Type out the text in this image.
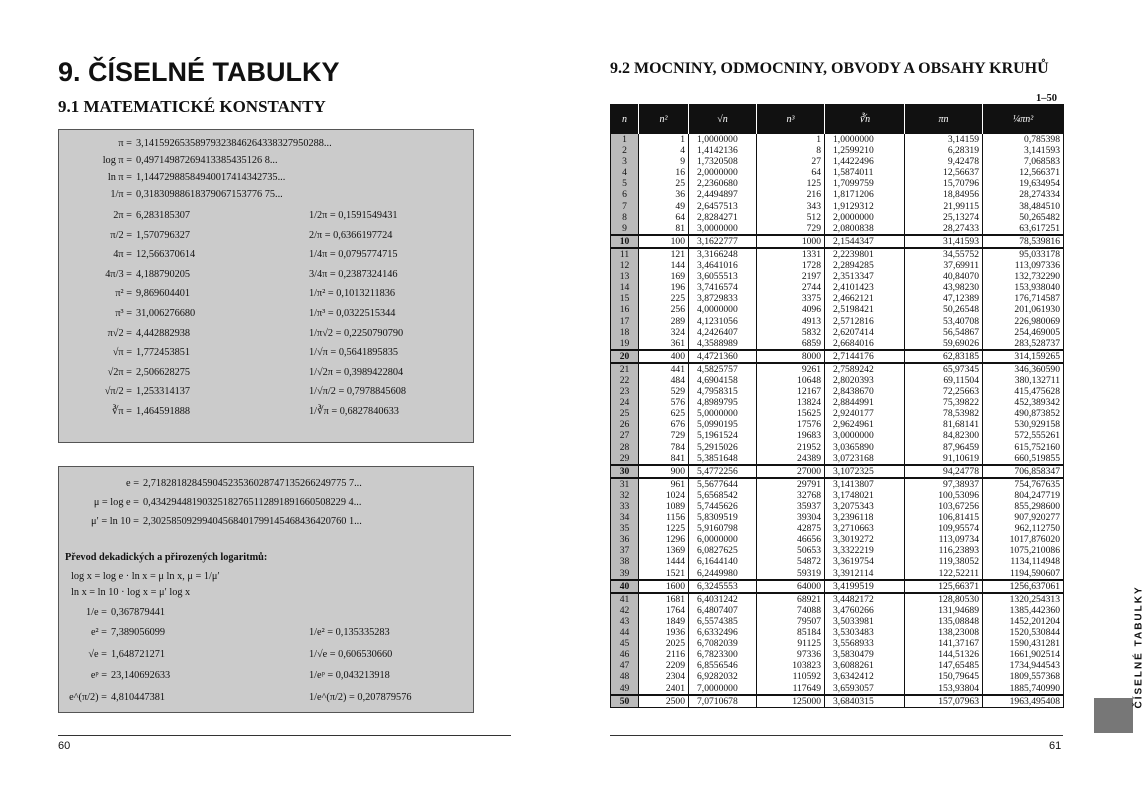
9. ČÍSELNÉ TABULKY
9.1 MATEMATICKÉ KONSTANTY
π = 3,14159265358979323846264338327950288...
log π = 0,49714987269413385435126 8...
ln π = 1,14472988584940017414342735...
1/π = 0,31830988618379067153776 75...
2π = 6,283185307	1/2π = 0,1591549431
π/2 = 1,570796327	2/π = 0,6366197724
4π = 12,566370614	1/4π = 0,0795774715
4π/3 = 4,188790205	3/4π = 0,2387324146
π² = 9,869604401	1/π² = 0,1013211836
π³ = 31,006276680	1/π³ = 0,0322515344
π√2 = 4,442882938	1/π√2 = 0,2250790790
√π = 1,772453851	1/√π = 0,5641895835
√2π = 2,506628275	1/√2π = 0,3989422804
√π/2 = 1,253314137	1/√π/2 = 0,7978845608
∛π = 1,464591888	1/∛π = 0,6827840633
e = 2,71828182845904523536028747135266249775 7...
μ = log e = 0,43429448190325182765112891891660508229 4...
μ′ = ln 10 = 2,30258509299404568401799145468436420760 1...
Převod dekadických a přirozených logaritmů:
log x = log e · ln x = μ ln x, μ = 1/μ′
ln x = ln 10 · log x = μ′ log x
1/e = 0,367879441
e² = 7,389056099	1/e² = 0,135335283
√e = 1,648721271	1/√e = 0,606530660
eᵖ = 23,140692633	1/eᵖ = 0,043213918
e^(π/2) = 4,810447381	1/e^(π/2) = 0,207879576
60
9.2 MOCNINY, ODMOCNINY, OBVODY A OBSAHY KRUHŮ
1–50
n	n²	√n	n³	∛n	πn	¼πn²
1	1	1,0000000	1	1,0000000	3,14159	0,785398
2	4	1,4142136	8	1,2599210	6,28319	3,141593
3	9	1,7320508	27	1,4422496	9,42478	7,068583
4	16	2,0000000	64	1,5874011	12,56637	12,566371
5	25	2,2360680	125	1,7099759	15,70796	19,634954
6	36	2,4494897	216	1,8171206	18,84956	28,274334
7	49	2,6457513	343	1,9129312	21,99115	38,484510
8	64	2,8284271	512	2,0000000	25,13274	50,265482
9	81	3,0000000	729	2,0800838	28,27433	63,617251
10	100	3,1622777	1000	2,1544347	31,41593	78,539816
11	121	3,3166248	1331	2,2239801	34,55752	95,033178
12	144	3,4641016	1728	2,2894285	37,69911	113,097336
13	169	3,6055513	2197	2,3513347	40,84070	132,732290
14	196	3,7416574	2744	2,4101423	43,98230	153,938040
15	225	3,8729833	3375	2,4662121	47,12389	176,714587
16	256	4,0000000	4096	2,5198421	50,26548	201,061930
17	289	4,1231056	4913	2,5712816	53,40708	226,980069
18	324	4,2426407	5832	2,6207414	56,54867	254,469005
19	361	4,3588989	6859	2,6684016	59,69026	283,528737
20	400	4,4721360	8000	2,7144176	62,83185	314,159265
21	441	4,5825757	9261	2,7589242	65,97345	346,360590
22	484	4,6904158	10648	2,8020393	69,11504	380,132711
23	529	4,7958315	12167	2,8438670	72,25663	415,475628
24	576	4,8989795	13824	2,8844991	75,39822	452,389342
25	625	5,0000000	15625	2,9240177	78,53982	490,873852
26	676	5,0990195	17576	2,9624961	81,68141	530,929158
27	729	5,1961524	19683	3,0000000	84,82300	572,555261
28	784	5,2915026	21952	3,0365890	87,96459	615,752160
29	841	5,3851648	24389	3,0723168	91,10619	660,519855
30	900	5,4772256	27000	3,1072325	94,24778	706,858347
31	961	5,5677644	29791	3,1413807	97,38937	754,767635
32	1024	5,6568542	32768	3,1748021	100,53096	804,247719
33	1089	5,7445626	35937	3,2075343	103,67256	855,298600
34	1156	5,8309519	39304	3,2396118	106,81415	907,920277
35	1225	5,9160798	42875	3,2710663	109,95574	962,112750
36	1296	6,0000000	46656	3,3019272	113,09734	1017,876020
37	1369	6,0827625	50653	3,3322219	116,23893	1075,210086
38	1444	6,1644140	54872	3,3619754	119,38052	1134,114948
39	1521	6,2449980	59319	3,3912114	122,52211	1194,590607
40	1600	6,3245553	64000	3,4199519	125,66371	1256,637061
41	1681	6,4031242	68921	3,4482172	128,80530	1320,254313
42	1764	6,4807407	74088	3,4760266	131,94689	1385,442360
43	1849	6,5574385	79507	3,5033981	135,08848	1452,201204
44	1936	6,6332496	85184	3,5303483	138,23008	1520,530844
45	2025	6,7082039	91125	3,5568933	141,37167	1590,431281
46	2116	6,7823300	97336	3,5830479	144,51326	1661,902514
47	2209	6,8556546	103823	3,6088261	147,65485	1734,944543
48	2304	6,9282032	110592	3,6342412	150,79645	1809,557368
49	2401	7,0000000	117649	3,6593057	153,93804	1885,740990
50	2500	7,0710678	125000	3,6840315	157,07963	1963,495408
61
ČÍSELNÉ TABULKY
